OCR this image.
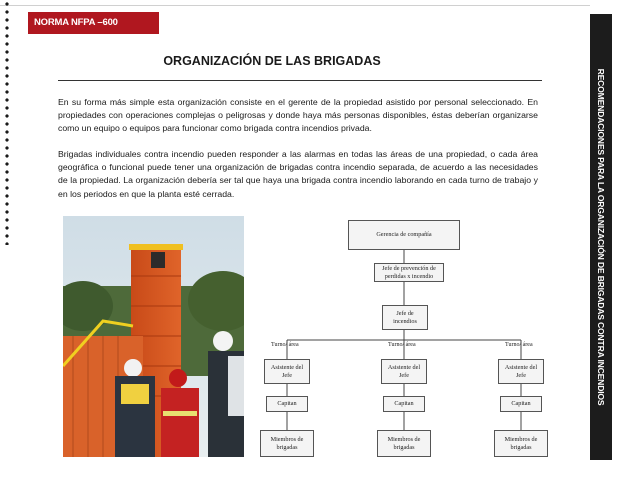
NORMA NFPA –600
ORGANIZACIÓN DE LAS BRIGADAS

En su forma más simple esta organización consiste en el gerente de la propiedad asistido por personal seleccionado. En propiedades con operaciones complejas o peligrosas y donde haya más personas disponibles, éstas deberían organizarse como un equipo o equipos para funcionar como brigada contra incendios privada.

Brigadas individuales contra incendio pueden responder a las alarmas en todas las áreas de una propiedad, o cada área geográfica o funcional puede tener una organización de brigadas contra incendio separada, de acuerdo a las necesidades de la propiedad. La organización debería ser tal que haya una brigada contra incendio laborando en cada turno de trabajo y en los periodos en que la planta esté cerrada.	RECOMENDACIONES PARA LA ORGANIZACIÓN DE BRIGADAS CONTRA INCENDIOS
Gerencia de compañía
Jefe de prevención de perdidas x incendio
Jefe de incendios
Turno/ área	Turno/ área	Turno/ área
Asistente del Jefe
Asistente del Jefe
Asistente del Jefe
Capitan	Capitan	Capitan
Miembros de brigadas
Miembros de brigadas
Miembros de brigadas
